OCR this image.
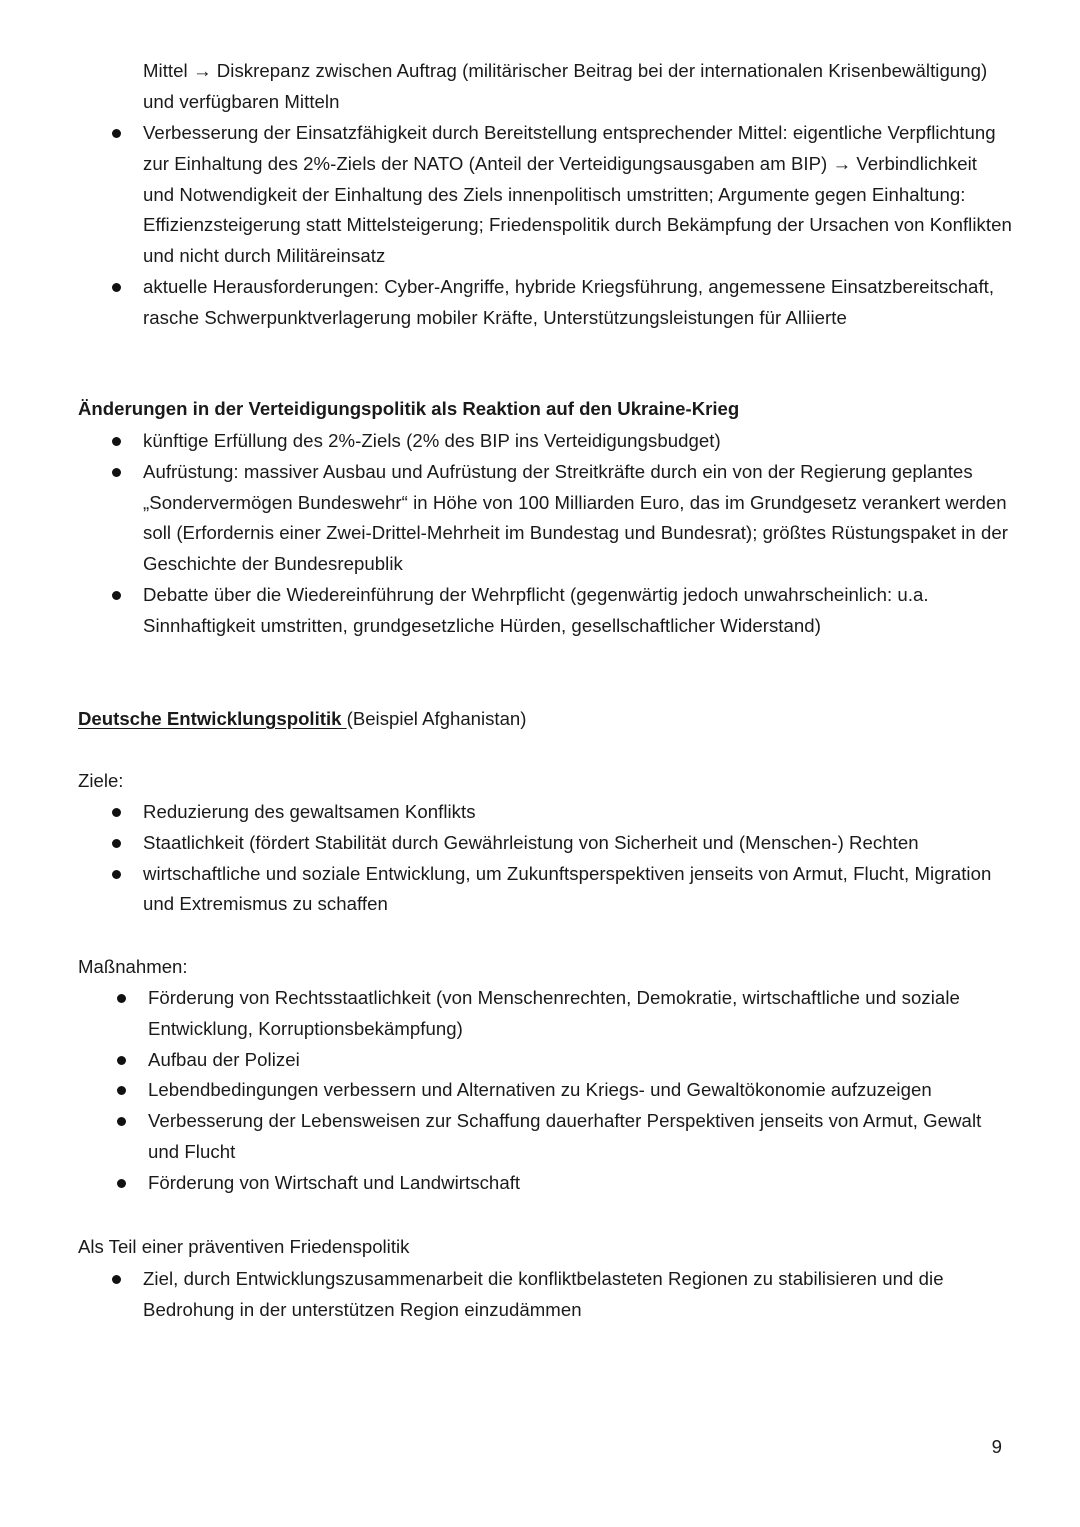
Mittel → Diskrepanz zwischen Auftrag (militärischer Beitrag bei der internationalen Krisenbewältigung) und verfügbaren Mitteln
Verbesserung der Einsatzfähigkeit durch Bereitstellung entsprechender Mittel: eigentliche Verpflichtung zur Einhaltung des 2%-Ziels der NATO (Anteil der Verteidigungsausgaben am BIP) → Verbindlichkeit und Notwendigkeit der Einhaltung des Ziels innenpolitisch umstritten; Argumente gegen Einhaltung: Effizienzsteigerung statt Mittelsteigerung; Friedenspolitik durch Bekämpfung der Ursachen von Konflikten und nicht durch Militäreinsatz
aktuelle Herausforderungen: Cyber-Angriffe, hybride Kriegsführung, angemessene Einsatzbereitschaft, rasche Schwerpunktverlagerung mobiler Kräfte, Unterstützungsleistungen für Alliierte
Änderungen in der Verteidigungspolitik als Reaktion auf den Ukraine-Krieg
künftige Erfüllung des 2%-Ziels (2% des BIP ins Verteidigungsbudget)
Aufrüstung: massiver Ausbau und Aufrüstung der Streitkräfte durch ein von der Regierung geplantes „Sondervermögen Bundeswehr“ in Höhe von 100 Milliarden Euro, das im Grundgesetz verankert werden soll (Erfordernis einer Zwei-Drittel-Mehrheit im Bundestag und Bundesrat); größtes Rüstungspaket in der Geschichte der Bundesrepublik
Debatte über die Wiedereinführung der Wehrpflicht (gegenwärtig jedoch unwahrscheinlich: u.a. Sinnhaftigkeit umstritten, grundgesetzliche Hürden, gesellschaftlicher Widerstand)
Deutsche Entwicklungspolitik (Beispiel Afghanistan)
Ziele:
Reduzierung des gewaltsamen Konflikts
Staatlichkeit (fördert Stabilität durch Gewährleistung von Sicherheit und (Menschen-) Rechten
wirtschaftliche und soziale Entwicklung, um Zukunftsperspektiven jenseits von Armut, Flucht, Migration und Extremismus zu schaffen
Maßnahmen:
Förderung von Rechtsstaatlichkeit (von Menschenrechten, Demokratie, wirtschaftliche und soziale Entwicklung, Korruptionsbekämpfung)
Aufbau der Polizei
Lebendbedingungen verbessern und Alternativen zu Kriegs- und Gewaltökonomie aufzuzeigen
Verbesserung der Lebensweisen zur Schaffung dauerhafter Perspektiven jenseits von Armut, Gewalt und Flucht
Förderung von Wirtschaft und Landwirtschaft
Als Teil einer präventiven Friedenspolitik
Ziel, durch Entwicklungszusammenarbeit die konfliktbelasteten Regionen zu stabilisieren und die Bedrohung in der unterstützen Region einzudämmen
9
